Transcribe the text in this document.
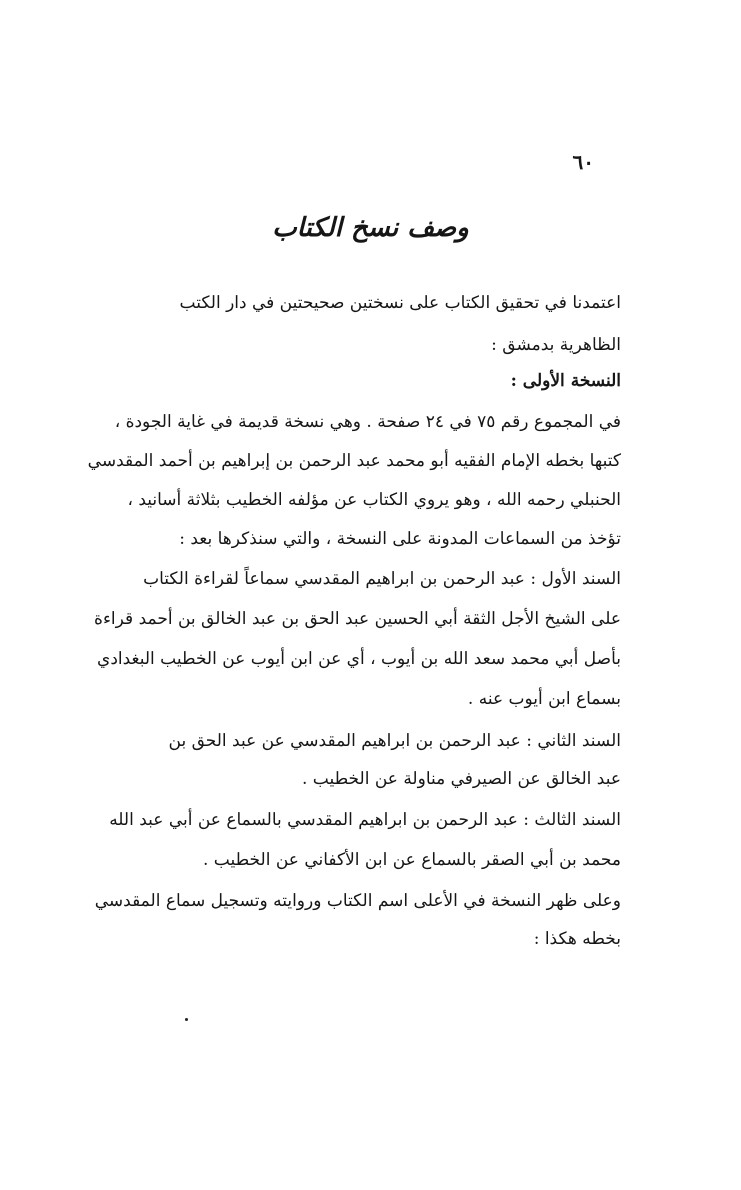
٦٠
وصف نسخ الكتاب

اعتمدنا في تحقيق الكتاب على نسختين صحيحتين في دار الكتب
الظاهرية بدمشق :

النسخة الأولى :

في المجموع رقم ٧٥ في ٢٤ صفحة . وهي نسخة قديمة في غاية الجودة ،
كتبها بخطه الإمام الفقيه أبو محمد عبد الرحمن بن إبراهيم بن أحمد المقدسي
الحنبلي رحمه الله ، وهو يروي الكتاب عن مؤلفه الخطيب بثلاثة أسانيد ،
تؤخذ من السماعات المدونة على النسخة ، والتي سنذكرها بعد :

السند الأول : عبد الرحمن بن ابراهيم المقدسي سماعاً لقراءة الكتاب
على الشيخ الأجل الثقة أبي الحسين عبد الحق بن عبد الخالق بن أحمد قراءة
بأصل أبي محمد سعد الله بن أيوب ، أي عن ابن أيوب عن الخطيب البغدادي
بسماع ابن أيوب عنه .

السند الثاني : عبد الرحمن بن ابراهيم المقدسي عن عبد الحق بن
عبد الخالق عن الصيرفي مناولة عن الخطيب .

السند الثالث : عبد الرحمن بن ابراهيم المقدسي بالسماع عن أبي عبد الله
محمد بن أبي الصقر بالسماع عن ابن الأكفاني عن الخطيب .

وعلى ظهر النسخة في الأعلى اسم الكتاب وروايته وتسجيل سماع المقدسي
بخطه هكذا :
